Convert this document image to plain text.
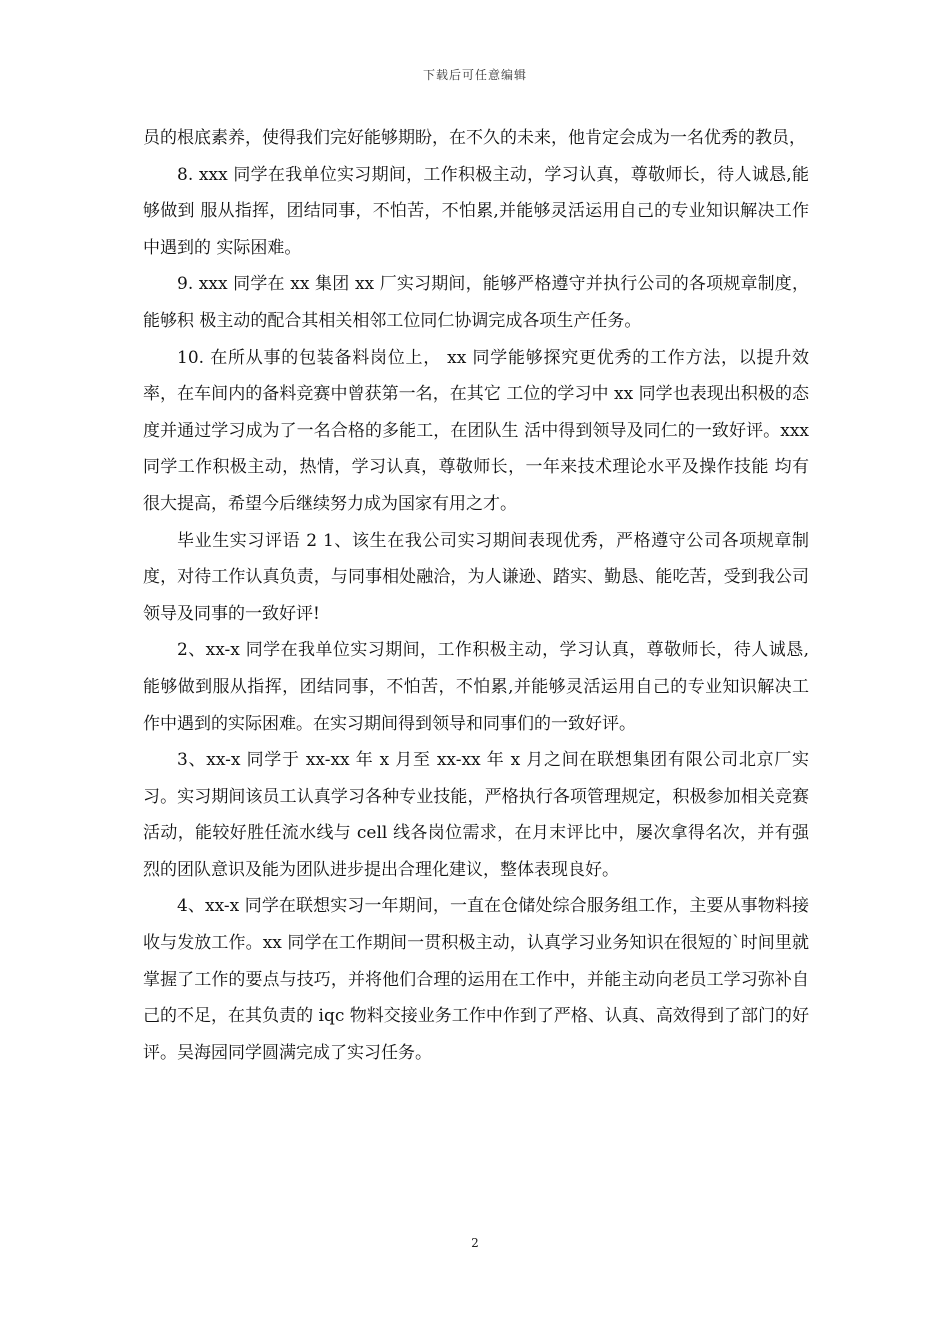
下载后可任意编辑

员的根底素养，使得我们完好能够期盼，在不久的未来，他肯定会成为一名优秀的教员，

8. xxx 同学在我单位实习期间，工作积极主动，学习认真，尊敬师长，待人诚恳,能够做到 服从指挥，团结同事，不怕苦，不怕累,并能够灵活运用自己的专业知识解决工作中遇到的 实际困难。

9. xxx 同学在 xx 集团 xx 厂实习期间，能够严格遵守并执行公司的各项规章制度，能够积 极主动的配合其相关相邻工位同仁协调完成各项生产任务。

10. 在所从事的包装备料岗位上， xx 同学能够探究更优秀的工作方法，以提升效率，在车间内的备料竞赛中曾获第一名，在其它 工位的学习中 xx 同学也表现出积极的态度并通过学习成为了一名合格的多能工，在团队生 活中得到领导及同仁的一致好评。xxx 同学工作积极主动，热情，学习认真，尊敬师长，一年来技术理论水平及操作技能 均有很大提高，希望今后继续努力成为国家有用之才。

毕业生实习评语 2 1、该生在我公司实习期间表现优秀，严格遵守公司各项规章制度，对待工作认真负责，与同事相处融洽，为人谦逊、踏实、勤恳、能吃苦，受到我公司领导及同事的一致好评!

2、xx-x 同学在我单位实习期间，工作积极主动，学习认真，尊敬师长，待人诚恳,能够做到服从指挥，团结同事，不怕苦，不怕累,并能够灵活运用自己的专业知识解决工作中遇到的实际困难。在实习期间得到领导和同事们的一致好评。

3、xx-x 同学于 xx-xx 年 x 月至 xx-xx 年 x 月之间在联想集团有限公司北京厂实习。实习期间该员工认真学习各种专业技能，严格执行各项管理规定，积极参加相关竞赛活动，能较好胜任流水线与 cell 线各岗位需求，在月末评比中，屡次拿得名次，并有强烈的团队意识及能为团队进步提出合理化建议，整体表现良好。

4、xx-x 同学在联想实习一年期间，一直在仓储处综合服务组工作，主要从事物料接收与发放工作。xx 同学在工作期间一贯积极主动，认真学习业务知识在很短的`时间里就掌握了工作的要点与技巧，并将他们合理的运用在工作中，并能主动向老员工学习弥补自己的不足，在其负责的 iqc 物料交接业务工作中作到了严格、认真、高效得到了部门的好评。吴海园同学圆满完成了实习任务。

2
